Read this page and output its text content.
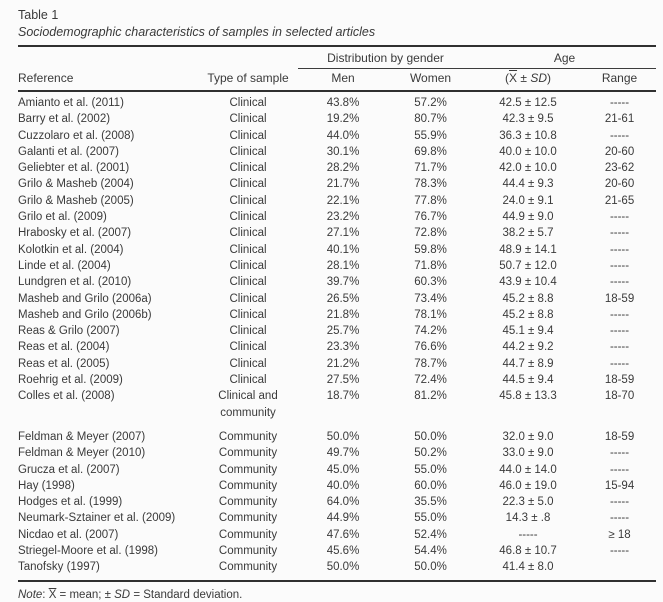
Table 1
Sociodemographic characteristics of samples in selected articles
		Distribution by gender		Age	
Reference	Type of sample	Men	Women	$(\overline{X} \pm SD)$	Range
Amianto et al. (2011)	Clinical	43.8%	57.2%	42.5 ± 12.5	-----
Barry et al. (2002)	Clinical	19.2%	80.7%	42.3 ± 9.5	21-61
Cuzzolaro et al. (2008)	Clinical	44.0%	55.9%	36.3 ± 10.8	-----
Galanti et al. (2007)	Clinical	30.1%	69.8%	40.0 ± 10.0	20-60
Geliebter et al. (2001)	Clinical	28.2%	71.7%	42.0 ± 10.0	23-62
Grilo & Masheb (2004)	Clinical	21.7%	78.3%	44.4 ± 9.3	20-60
Grilo & Masheb (2005)	Clinical	22.1%	77.8%	24.0 ± 9.1	21-65
Grilo et al. (2009)	Clinical	23.2%	76.7%	44.9 ± 9.0	-----
Hrabosky et al. (2007)	Clinical	27.1%	72.8%	38.2 ± 5.7	-----
Kolotkin et al. (2004)	Clinical	40.1%	59.8%	48.9 ± 14.1	-----
Linde et al. (2004)	Clinical	28.1%	71.8%	50.7 ± 12.0	-----
Lundgren et al. (2010)	Clinical	39.7%	60.3%	43.9 ± 10.4	-----
Masheb and Grilo (2006a)	Clinical	26.5%	73.4%	45.2 ± 8.8	18-59
Masheb and Grilo (2006b)	Clinical	21.8%	78.1%	45.2 ± 8.8	-----
Reas & Grilo (2007)	Clinical	25.7%	74.2%	45.1 ± 9.4	-----
Reas et al. (2004)	Clinical	23.3%	76.6%	44.2 ± 9.2	-----
Reas et al. (2005)	Clinical	21.2%	78.7%	44.7 ± 8.9	-----
Roehrig et al. (2009)	Clinical	27.5%	72.4%	44.5 ± 9.4	18-59
Colles et al. (2008)	Clinical and community	18.7%	81.2%	45.8 ± 13.3	18-70
Feldman & Meyer (2007)	Community	50.0%	50.0%	32.0 ± 9.0	18-59
Feldman & Meyer (2010)	Community	49.7%	50.2%	33.0 ± 9.0	-----
Grucza et al. (2007)	Community	45.0%	55.0%	44.0 ± 14.0	-----
Hay (1998)	Community	40.0%	60.0%	46.0 ± 19.0	15-94
Hodges et al. (1999)	Community	64.0%	35.5%	22.3 ± 5.0	-----
Neumark-Sztainer et al. (2009)	Community	44.9%	55.0%	14.3 ± .8	-----
Nicdao et al. (2007)	Community	47.6%	52.4%	-----	≥ 18
Striegel-Moore et al. (1998)	Community	45.6%	54.4%	46.8 ± 10.7	-----
Tanofsky (1997)	Community	50.0%	50.0%	41.4 ± 8.0	
Note: $\overline{X}$ = mean; ± SD = Standard deviation.
